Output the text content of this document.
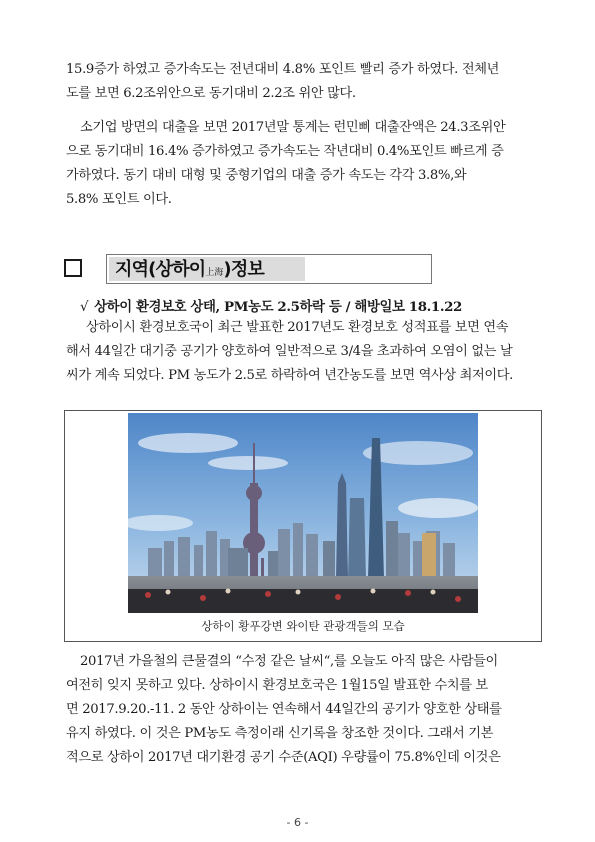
15.9증가 하였고 증가속도는 전년대비 4.8% 포인트 빨리 증가 하였다. 전체년
도를 보면 6.2조위안으로 동기대비 2.2조 위안 많다.
소기업 방면의 대출을 보면 2017년말 통계는 런민삐 대출잔액은 24.3조위안
으로 동기대비 16.4% 증가하였고 증가속도는 작년대비 0.4%포인트 빠르게 증
가하였다. 동기 대비 대형 및 중형기업의 대출 증가 속도는 각각 3.8%,와
5.8% 포인트 이다.
지역(상하이上海)정보
√ 상하이 환경보호 상태, PM농도 2.5하락 등 / 해방일보 18.1.22
상하이시 환경보호국이 최근 발표한 2017년도 환경보호 성적표를 보면 연속
해서 44일간 대기중 공기가 양호하여 일반적으로 3/4을 초과하여 오염이 없는 날
씨가 계속 되었다. PM 농도가 2.5로 하락하여 년간농도를 보면 역사상 최저이다.
상하이 황푸강변 와이탄 관광객들의 모습
2017년 가을철의 큰물결의 “수정 같은 날씨“,를 오늘도 아직 많은 사람들이
여전히 잊지 못하고 있다. 상하이시 환경보호국은 1월15일 발표한 수치를 보
면 2017.9.20.-11. 2 동안 상하이는 연속해서 44일간의 공기가 양호한 상태를
유지 하였다. 이 것은 PM농도 측정이래 신기록을 창조한 것이다. 그래서 기본
적으로 상하이 2017년 대기환경 공기 수준(AQI) 우량률이 75.8%인데 이것은
- 6 -
